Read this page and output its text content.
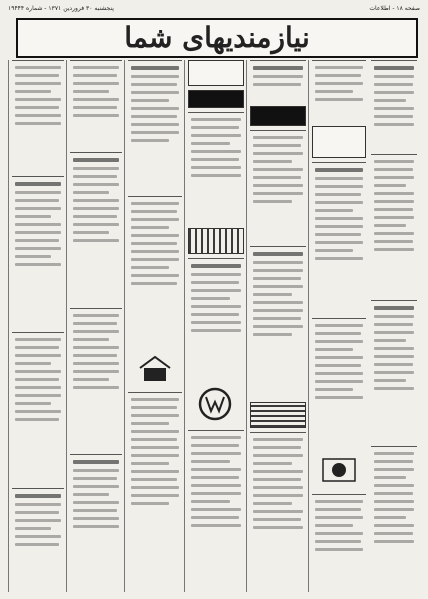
صفحه ۱۸ - اطلاعات
پنجشنبه ۳۰ فروردین ۱۳۷۱ - شماره ۱۹۴۴۴
نیازمندیهای شما
